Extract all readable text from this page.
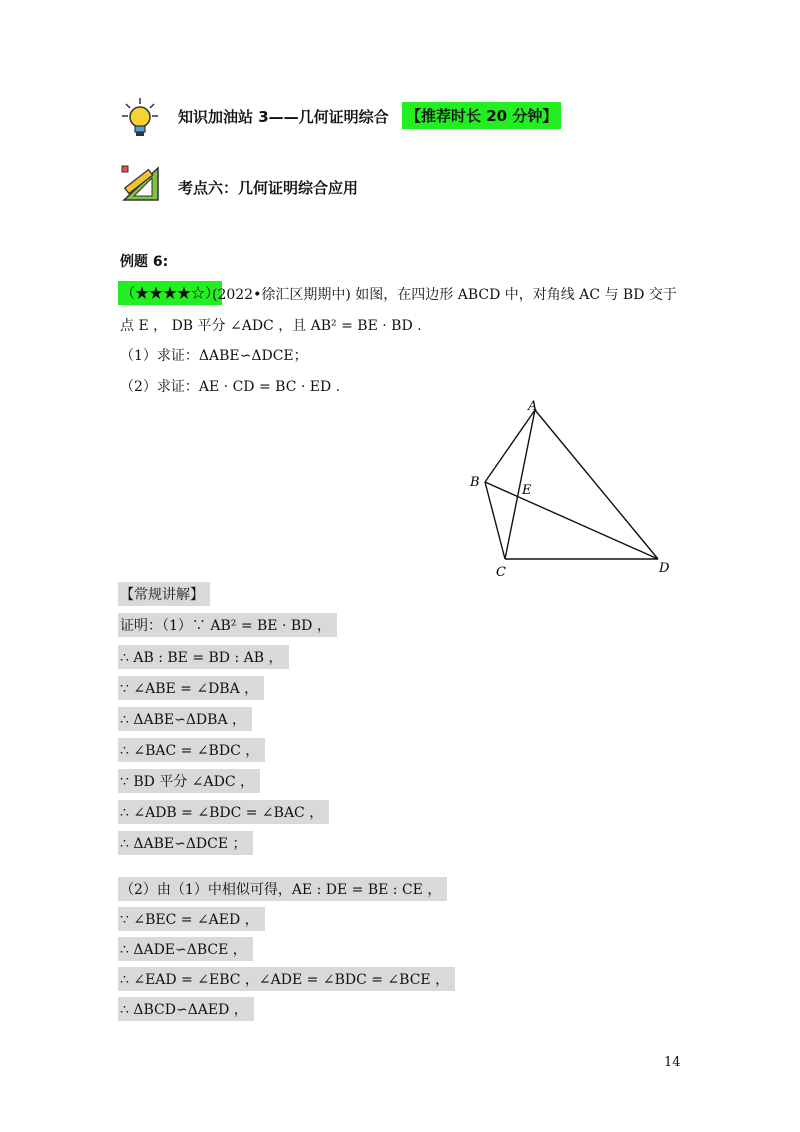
知识加油站 3——几何证明综合 【推荐时长 20 分钟】
考点六：几何证明综合应用
例题 6:
（★★★★☆）
(2022•徐汇区期期中) 如图，在四边形 ABCD 中，对角线 AC 与 BD 交于
点 E ， DB 平分 ∠ADC ，且 AB² = BE · BD .
（1）求证：ΔABE∽ΔDCE；
（2）求证：AE · CD = BC · ED .
A
B
E
C	D
【常规讲解】
证明：（1）∵ AB² = BE · BD ，
∴ AB : BE = BD : AB ，
∵ ∠ABE = ∠DBA ，
∴ ΔABE∽ΔDBA ，
∴ ∠BAC = ∠BDC ，
∵ BD 平分 ∠ADC ，
∴ ∠ADB = ∠BDC = ∠BAC ，
∴ ΔABE∽ΔDCE ；
（2）由（1）中相似可得，AE : DE = BE : CE ，
∵ ∠BEC = ∠AED ，
∴ ΔADE∽ΔBCE ，
∴ ∠EAD = ∠EBC ，∠ADE = ∠BDC = ∠BCE ，
∴ ΔBCD∽ΔAED ，
14
